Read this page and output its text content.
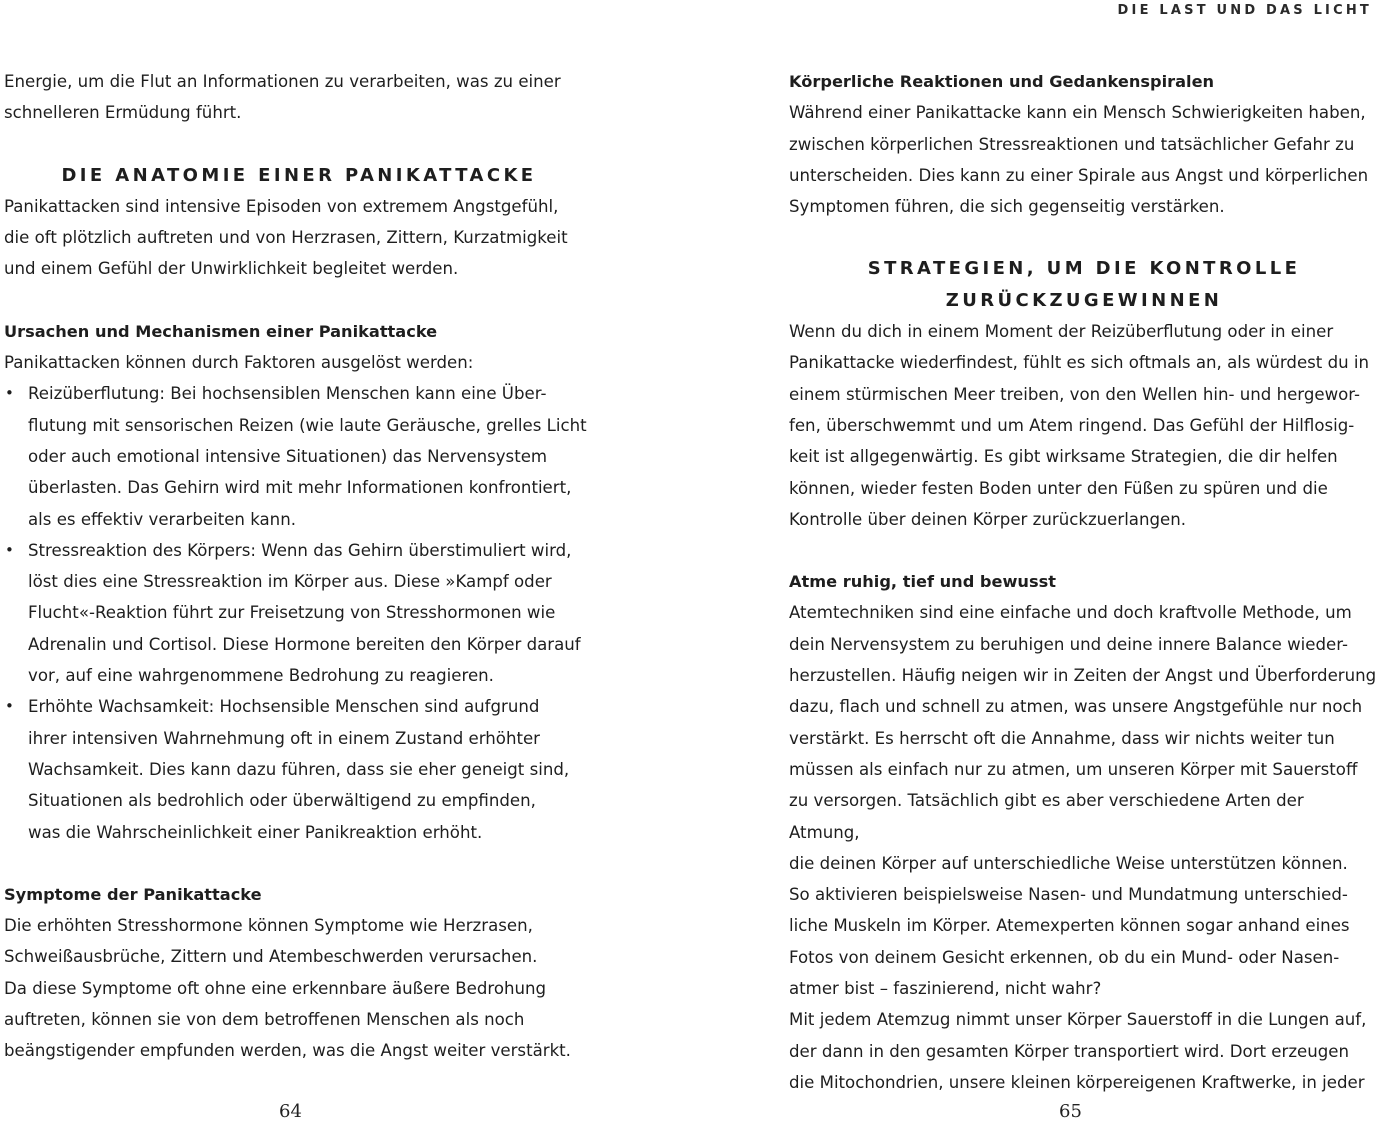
DIE LAST UND DAS LICHT

Energie, um die Flut an Informationen zu verarbeiten, was zu einer
schnelleren Ermüdung führt.

DIE ANATOMIE EINER PANIKATTACKE

Panikattacken sind intensive Episoden von extremem Angstgefühl,
die oft plötzlich auftreten und von Herzrasen, Zittern, Kurzatmigkeit
und einem Gefühl der Unwirklichkeit begleitet werden.

Ursachen und Mechanismen einer Panikattacke

Panikattacken können durch Faktoren ausgelöst werden:

• Reizüberflutung: Bei hochsensiblen Menschen kann eine Über-
flutung mit sensorischen Reizen (wie laute Geräusche, grelles Licht
oder auch emotional intensive Situationen) das Nervensystem
überlasten. Das Gehirn wird mit mehr Informationen konfrontiert,
als es effektiv verarbeiten kann.
• Stressreaktion des Körpers: Wenn das Gehirn überstimuliert wird,
löst dies eine Stressreaktion im Körper aus. Diese »Kampf oder
Flucht«-Reaktion führt zur Freisetzung von Stresshormonen wie
Adrenalin und Cortisol. Diese Hormone bereiten den Körper darauf
vor, auf eine wahrgenommene Bedrohung zu reagieren.
• Erhöhte Wachsamkeit: Hochsensible Menschen sind aufgrund
ihrer intensiven Wahrnehmung oft in einem Zustand erhöhter
Wachsamkeit. Dies kann dazu führen, dass sie eher geneigt sind,
Situationen als bedrohlich oder überwältigend zu empfinden,
was die Wahrscheinlichkeit einer Panikreaktion erhöht.

Symptome der Panikattacke

Die erhöhten Stresshormone können Symptome wie Herzrasen,
Schweißausbrüche, Zittern und Atembeschwerden verursachen.
Da diese Symptome oft ohne eine erkennbare äußere Bedrohung
auftreten, können sie von dem betroffenen Menschen als noch
beängstigender empfunden werden, was die Angst weiter verstärkt.

64

Körperliche Reaktionen und Gedankenspiralen

Während einer Panikattacke kann ein Mensch Schwierigkeiten haben,
zwischen körperlichen Stressreaktionen und tatsächlicher Gefahr zu
unterscheiden. Dies kann zu einer Spirale aus Angst und körperlichen
Symptomen führen, die sich gegenseitig verstärken.

STRATEGIEN, UM DIE KONTROLLE
ZURÜCKZUGEWINNEN

Wenn du dich in einem Moment der Reizüberflutung oder in einer
Panikattacke wiederfindest, fühlt es sich oftmals an, als würdest du in
einem stürmischen Meer treiben, von den Wellen hin- und hergewor-
fen, überschwemmt und um Atem ringend. Das Gefühl der Hilflosig-
keit ist allgegenwärtig. Es gibt wirksame Strategien, die dir helfen
können, wieder festen Boden unter den Füßen zu spüren und die
Kontrolle über deinen Körper zurückzuerlangen.

Atme ruhig, tief und bewusst

Atemtechniken sind eine einfache und doch kraftvolle Methode, um
dein Nervensystem zu beruhigen und deine innere Balance wieder-
herzustellen. Häufig neigen wir in Zeiten der Angst und Überforderung
dazu, flach und schnell zu atmen, was unsere Angstgefühle nur noch
verstärkt. Es herrscht oft die Annahme, dass wir nichts weiter tun
müssen als einfach nur zu atmen, um unseren Körper mit Sauerstoff
zu versorgen. Tatsächlich gibt es aber verschiedene Arten der Atmung,
die deinen Körper auf unterschiedliche Weise unterstützen können.
So aktivieren beispielsweise Nasen- und Mundatmung unterschied-
liche Muskeln im Körper. Atemexperten können sogar anhand eines
Fotos von deinem Gesicht erkennen, ob du ein Mund- oder Nasen-
atmer bist – faszinierend, nicht wahr?
Mit jedem Atemzug nimmt unser Körper Sauerstoff in die Lungen auf,
der dann in den gesamten Körper transportiert wird. Dort erzeugen
die Mitochondrien, unsere kleinen körpereigenen Kraftwerke, in jeder

65
